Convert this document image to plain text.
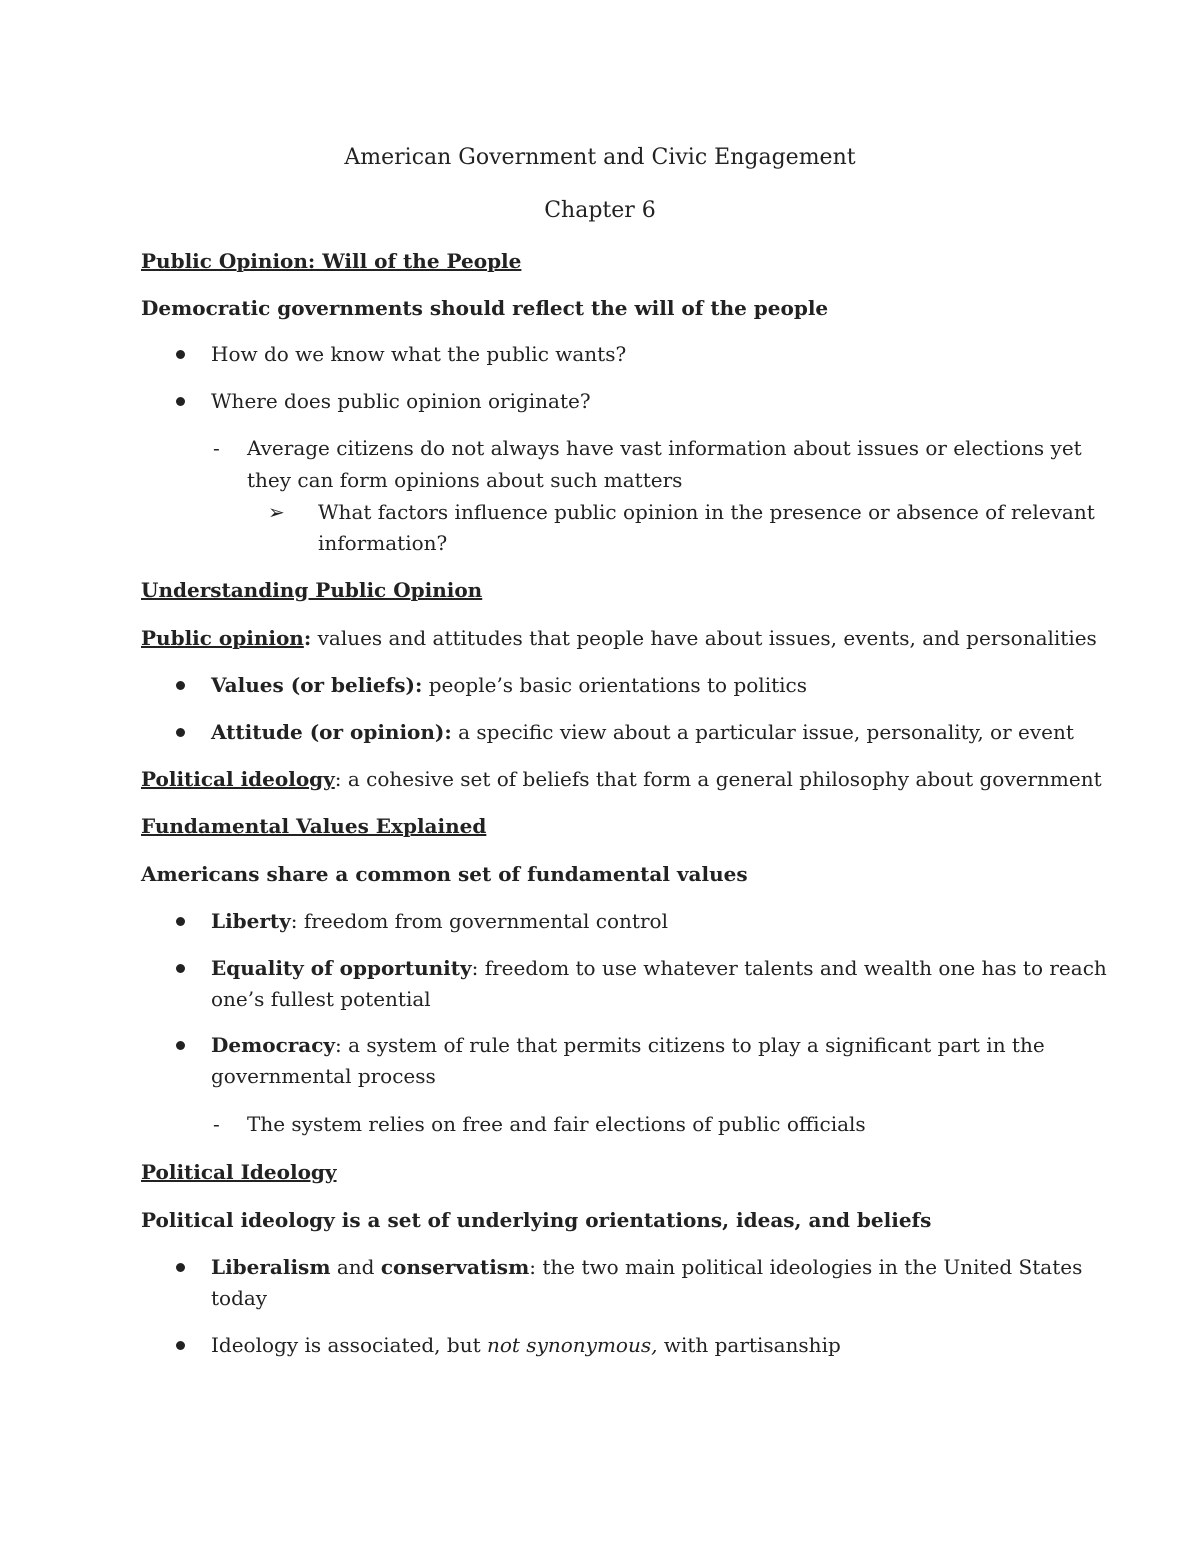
American Government and Civic Engagement
Chapter 6
Public Opinion: Will of the People
Democratic governments should reflect the will of the people
How do we know what the public wants?
Where does public opinion originate?
- Average citizens do not always have vast information about issues or elections yet
they can form opinions about such matters
➢ What factors influence public opinion in the presence or absence of relevant
information?
Understanding Public Opinion
Public opinion: values and attitudes that people have about issues, events, and personalities
Values (or beliefs): people’s basic orientations to politics
Attitude (or opinion): a specific view about a particular issue, personality, or event
Political ideology: a cohesive set of beliefs that form a general philosophy about government
Fundamental Values Explained
Americans share a common set of fundamental values
Liberty: freedom from governmental control
Equality of opportunity: freedom to use whatever talents and wealth one has to reach
one’s fullest potential
Democracy: a system of rule that permits citizens to play a significant part in the
governmental process
- The system relies on free and fair elections of public officials
Political Ideology
Political ideology is a set of underlying orientations, ideas, and beliefs
Liberalism and conservatism: the two main political ideologies in the United States
today
Ideology is associated, but not synonymous, with partisanship
